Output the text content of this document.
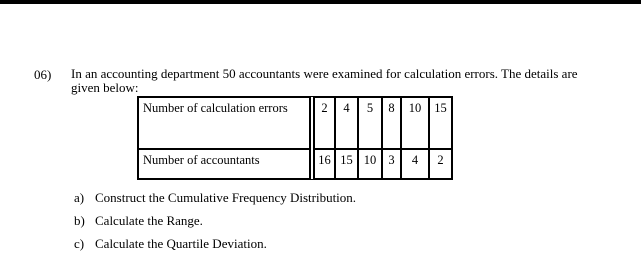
06) In an accounting department 50 accountants were examined for calculation errors. The details are
given below:
Number of calculation errors		2	4	5	8	10	15
Number of accountants		16	15	10	3	4	2
a) Construct the Cumulative Frequency Distribution.
b) Calculate the Range.
c) Calculate the Quartile Deviation.
